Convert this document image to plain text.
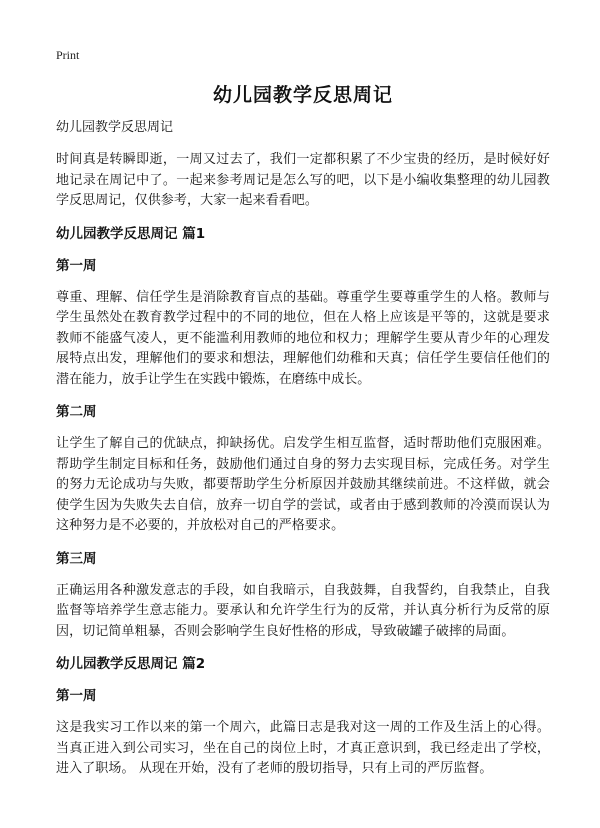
Print
幼儿园教学反思周记

幼儿园教学反思周记

时间真是转瞬即逝，一周又过去了，我们一定都积累了不少宝贵的经历，是时候好好地记录在周记中了。一起来参考周记是怎么写的吧，以下是小编收集整理的幼儿园教学反思周记，仅供参考，大家一起来看看吧。

幼儿园教学反思周记 篇1
第一周

尊重、理解、信任学生是消除教育盲点的基础。尊重学生要尊重学生的人格。教师与学生虽然处在教育教学过程中的不同的地位，但在人格上应该是平等的，这就是要求教师不能盛气凌人，更不能滥利用教师的地位和权力；理解学生要从青少年的心理发展特点出发，理解他们的要求和想法，理解他们幼稚和天真；信任学生要信任他们的潜在能力，放手让学生在实践中锻炼，在磨练中成长。

第二周

让学生了解自己的优缺点，抑缺扬优。启发学生相互监督，适时帮助他们克服困难。帮助学生制定目标和任务，鼓励他们通过自身的努力去实现目标，完成任务。对学生的努力无论成功与失败，都要帮助学生分析原因并鼓励其继续前进。不这样做，就会使学生因为失败失去自信，放弃一切自学的尝试，或者由于感到教师的冷漠而误认为这种努力是不必要的，并放松对自己的严格要求。

第三周

正确运用各种激发意志的手段，如自我暗示，自我鼓舞，自我誓约，自我禁止，自我监督等培养学生意志能力。要承认和允许学生行为的反常，并认真分析行为反常的原因，切记简单粗暴，否则会影响学生良好性格的形成，导致破罐子破摔的局面。

幼儿园教学反思周记 篇2
第一周

这是我实习工作以来的第一个周六，此篇日志是我对这一周的工作及生活上的心得。当真正进入到公司实习，坐在自己的岗位上时，才真正意识到，我已经走出了学校，进入了职场。 从现在开始，没有了老师的殷切指导，只有上司的严厉监督。
